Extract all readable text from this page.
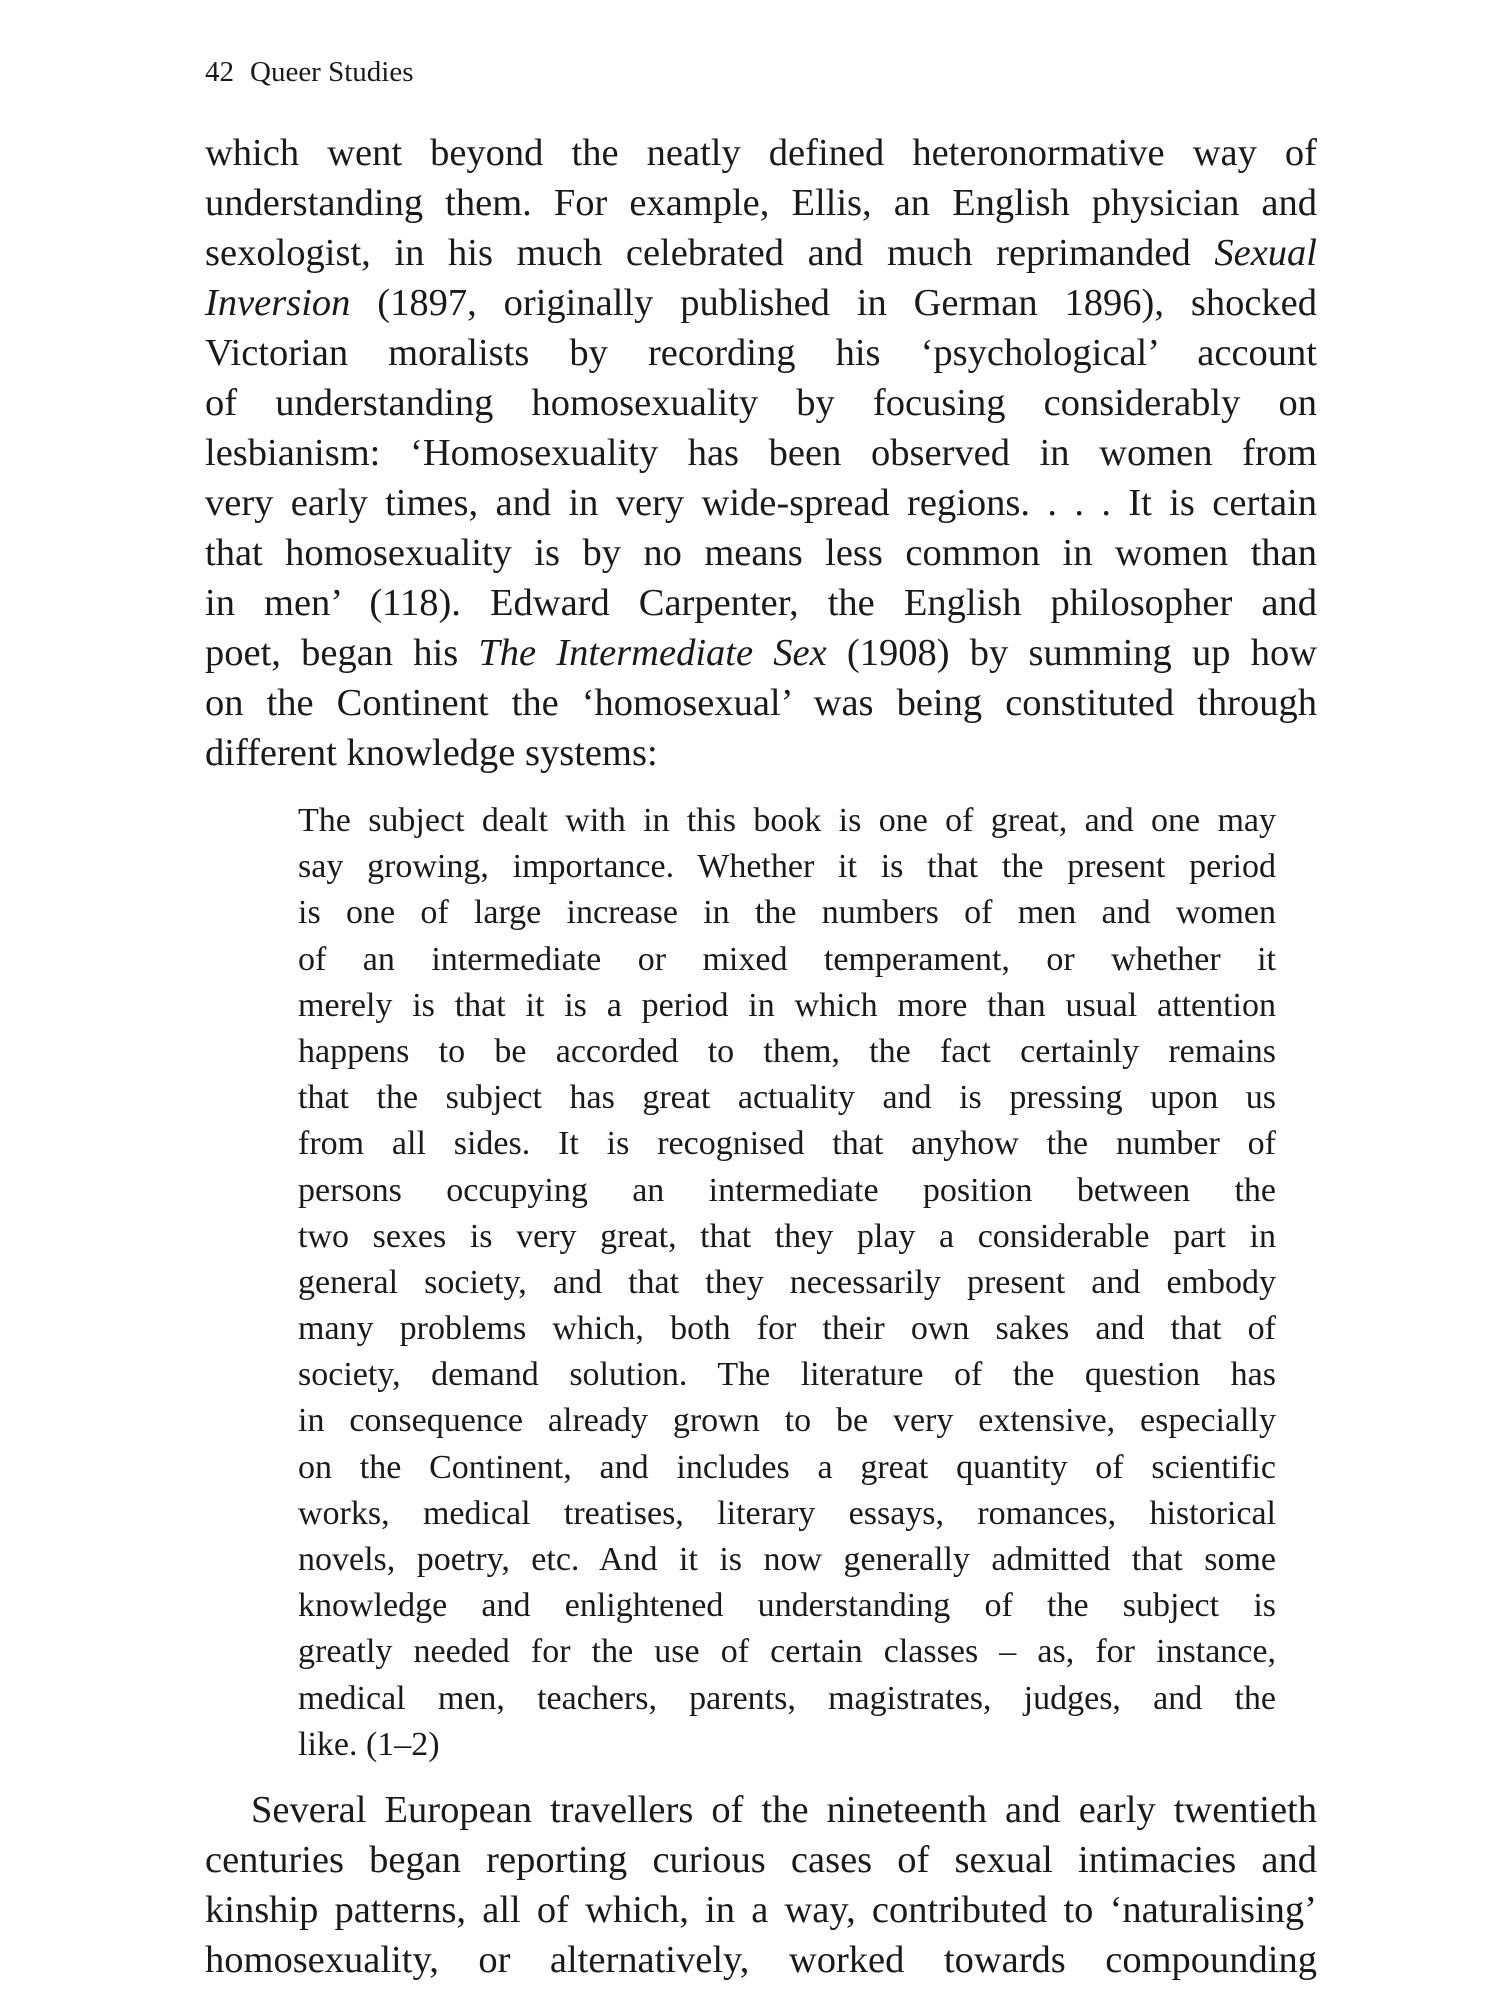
42 Queer Studies
which went beyond the neatly defined heteronormative way of
understanding them. For example, Ellis, an English physician and
sexologist, in his much celebrated and much reprimanded Sexual
Inversion (1897, originally published in German 1896), shocked
Victorian moralists by recording his ‘psychological’ account
of understanding homosexuality by focusing considerably on
lesbianism: ‘Homosexuality has been observed in women from
very early times, and in very wide-spread regions. . . . It is certain
that homosexuality is by no means less common in women than
in men’ (118). Edward Carpenter, the English philosopher and
poet, began his The Intermediate Sex (1908) by summing up how
on the Continent the ‘homosexual’ was being constituted through
different knowledge systems:
The subject dealt with in this book is one of great, and one may
say growing, importance. Whether it is that the present period
is one of large increase in the numbers of men and women
of an intermediate or mixed temperament, or whether it
merely is that it is a period in which more than usual attention
happens to be accorded to them, the fact certainly remains
that the subject has great actuality and is pressing upon us
from all sides. It is recognised that anyhow the number of
persons occupying an intermediate position between the
two sexes is very great, that they play a considerable part in
general society, and that they necessarily present and embody
many problems which, both for their own sakes and that of
society, demand solution. The literature of the question has
in consequence already grown to be very extensive, especially
on the Continent, and includes a great quantity of scientific
works, medical treatises, literary essays, romances, historical
novels, poetry, etc. And it is now generally admitted that some
knowledge and enlightened understanding of the subject is
greatly needed for the use of certain classes – as, for instance,
medical men, teachers, parents, magistrates, judges, and the
like. (1–2)
Several European travellers of the nineteenth and early twentieth
centuries began reporting curious cases of sexual intimacies and
kinship patterns, all of which, in a way, contributed to ‘naturalising’
homosexuality, or alternatively, worked towards compounding
